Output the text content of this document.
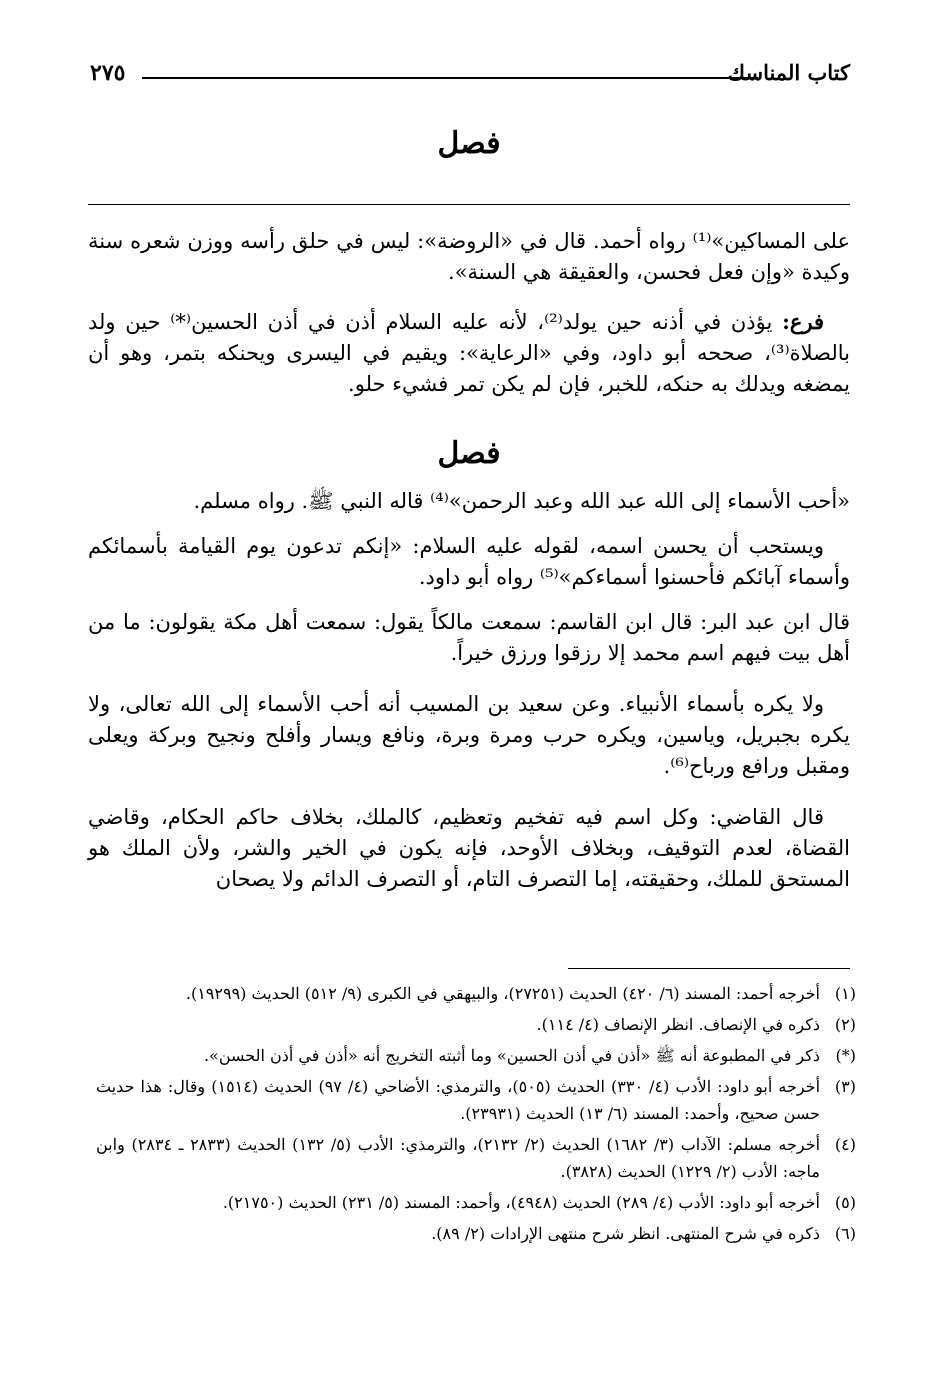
كتاب المناسك
٢٧٥
فصل

على المساكين»⁽¹⁾ رواه أحمد. قال في «الروضة»: ليس في حلق رأسه ووزن شعره سنة وكيدة «وإن فعل فحسن، والعقيقة هي السنة».

فرع: يؤذن في أذنه حين يولد⁽²⁾، لأنه عليه السلام أذن في أذن الحسين⁽*⁾ حين ولد بالصلاة⁽³⁾، صححه أبو داود، وفي «الرعاية»: ويقيم في اليسرى ويحنكه بتمر، وهو أن يمضغه ويدلك به حنكه، للخبر، فإن لم يكن تمر فشيء حلو.

فصل

«أحب الأسماء إلى الله عبد الله وعبد الرحمن»⁽⁴⁾ قاله النبي ﷺ. رواه مسلم.

ويستحب أن يحسن اسمه، لقوله عليه السلام: «إنكم تدعون يوم القيامة بأسمائكم وأسماء آبائكم فأحسنوا أسماءكم»⁽⁵⁾ رواه أبو داود.

قال ابن عبد البر: قال ابن القاسم: سمعت مالكاً يقول: سمعت أهل مكة يقولون: ما من أهل بيت فيهم اسم محمد إلا رزقوا ورزق خيراً.

ولا يكره بأسماء الأنبياء. وعن سعيد بن المسيب أنه أحب الأسماء إلى الله تعالى، ولا يكره بجبريل، وياسين، ويكره حرب ومرة وبرة، ونافع ويسار وأفلح ونجيح وبركة ويعلى ومقبل ورافع ورباح⁽⁶⁾.

قال القاضي: وكل اسم فيه تفخيم وتعظيم، كالملك، بخلاف حاكم الحكام، وقاضي القضاة، لعدم التوقيف، وبخلاف الأوحد، فإنه يكون في الخير والشر، ولأن الملك هو المستحق للملك، وحقيقته، إما التصرف التام، أو التصرف الدائم ولا يصحان

(١)
أخرجه أحمد: المسند (٦/ ٤٢٠) الحديث (٢٧٢٥١)، والبيهقي في الكبرى (٩/ ٥١٢) الحديث (١٩٢٩٩).
(٢)
ذكره في الإنصاف. انظر الإنصاف (٤/ ١١٤).
(*)
ذكر في المطبوعة أنه ﷺ «أذن في أذن الحسين» وما أثبته التخريج أنه «أذن في أذن الحسن».
(٣)
أخرجه أبو داود: الأدب (٤/ ٣٣٠) الحديث (٥٠٥)، والترمذي: الأضاحي (٤/ ٩٧) الحديث (١٥١٤) وقال: هذا حديث حسن صحيح، وأحمد: المسند (٦/ ١٣) الحديث (٢٣٩٣١).
(٤)
أخرجه مسلم: الآداب (٣/ ١٦٨٢) الحديث (٢/ ٢١٣٢)، والترمذي: الأدب (٥/ ١٣٢) الحديث (٢٨٣٣ ـ ٢٨٣٤) وابن ماجه: الأدب (٢/ ١٢٢٩) الحديث (٣٨٢٨).
(٥)
أخرجه أبو داود: الأدب (٤/ ٢٨٩) الحديث (٤٩٤٨)، وأحمد: المسند (٥/ ٢٣١) الحديث (٢١٧٥٠).
(٦)
ذكره في شرح المنتهى. انظر شرح منتهى الإرادات (٢/ ٨٩).
